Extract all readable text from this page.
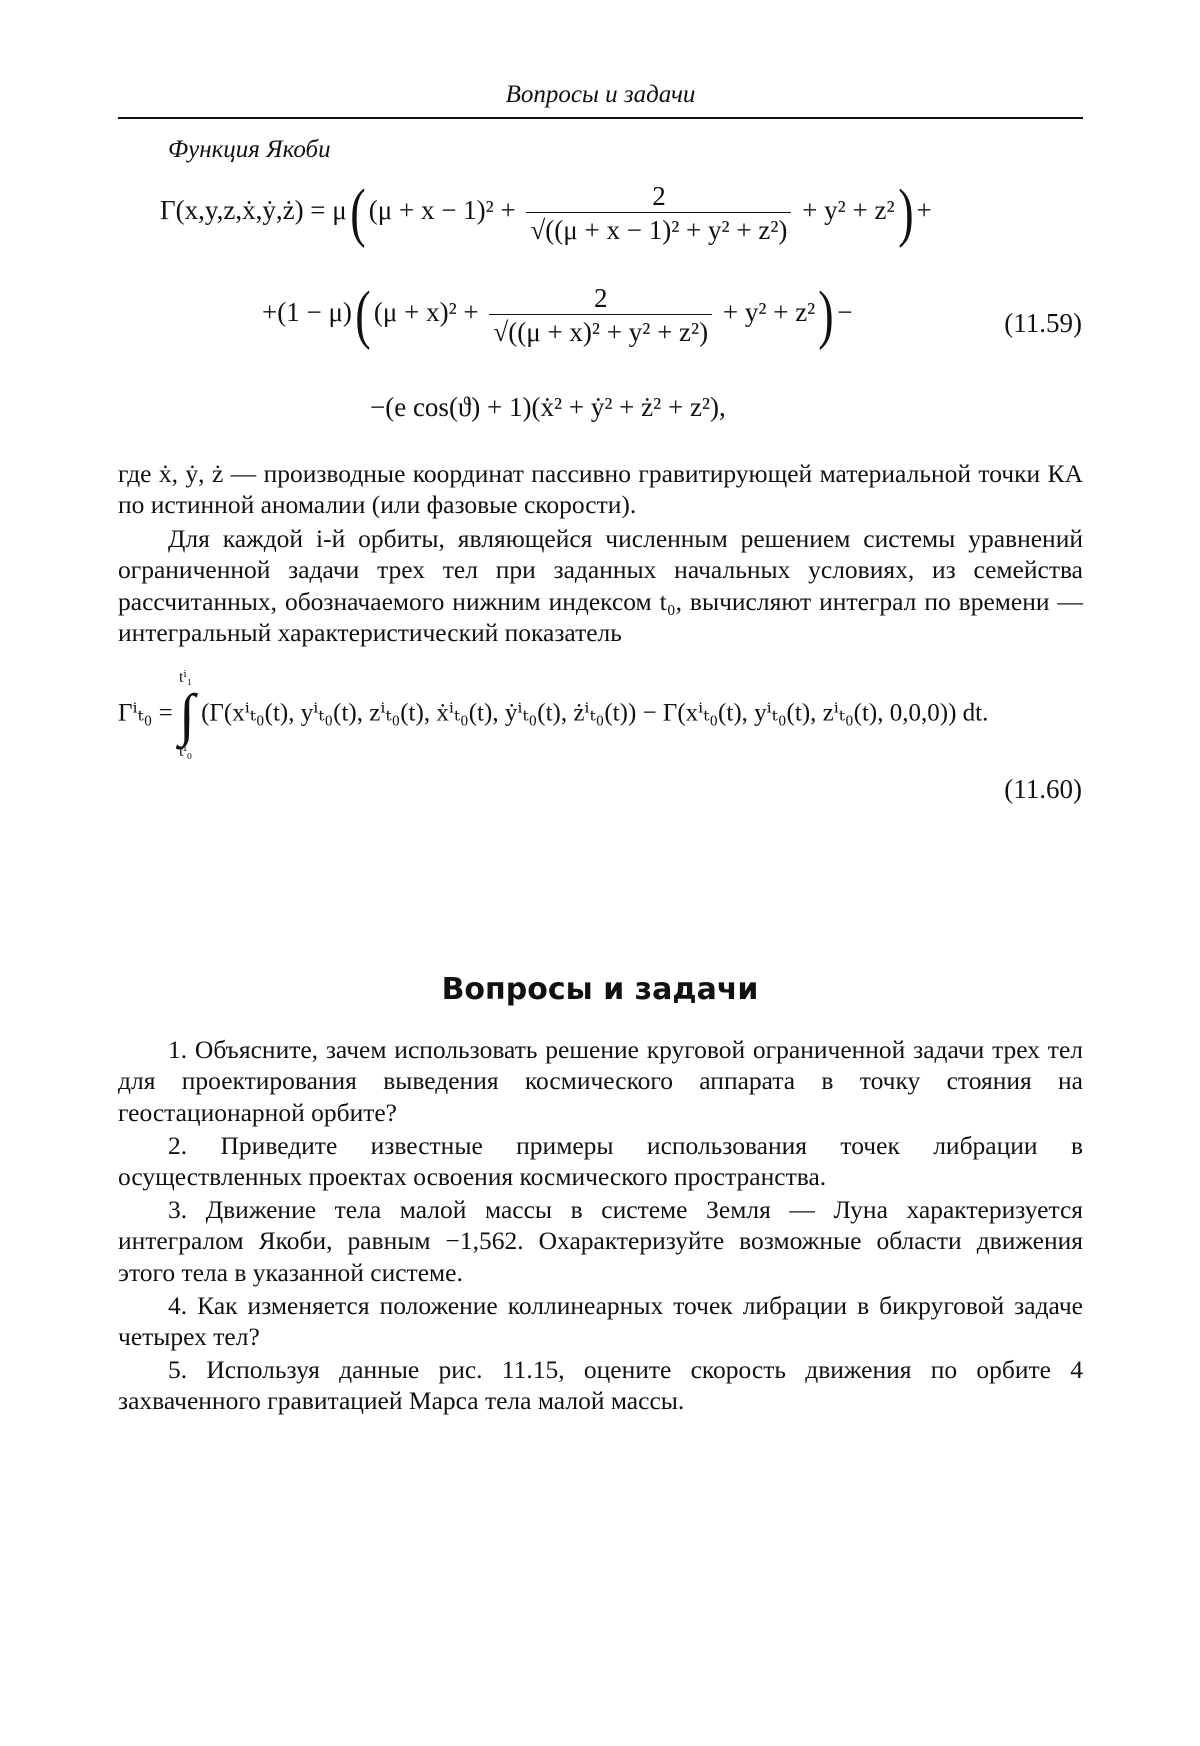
Вопросы и задачи
Функция Якоби
Γ(x,y,z,ẋ,ẏ,ż) = μ( $(\mu + x - 1)^2 + \frac{2}{\text{√((μ + x − 1)² + y² + z²)}} + y^2 + z^2$) +
+(1 − μ)( $(\mu + x)^2 + \frac{2}{\text{√((μ + x)² + y² + z²)}} + y^2 + z^2$) −	(11.59)
−(e cos(ϑ) + 1)(ẋ² + ẏ² + ż² + z²),

где ẋ, ẏ, ż — производные координат пассивно гравитирующей материальной точки КА по истинной аномалии (или фазовые скорости).

Для каждой i-й орбиты, являющейся численным решением системы уравнений ограниченной задачи трех тел при заданных начальных условиях, из семейства рассчитанных, обозначаемого нижним индексом t₀, вычисляют интеграл по времени — интегральный характеристический показатель

Γⁱₜ₀ =
tⁱ₁
∫
tⁱ₀
(Γ(xⁱₜ₀(t), yⁱₜ₀(t), zⁱₜ₀(t), ẋⁱₜ₀(t), ẏⁱₜ₀(t), żⁱₜ₀(t)) − Γ(xⁱₜ₀(t), yⁱₜ₀(t), zⁱₜ₀(t), 0,0,0)) dt.
(11.60)
Вопросы и задачи

1. Объясните, зачем использовать решение круговой ограниченной задачи трех тел для проектирования выведения космического аппарата в точку стояния на геостационарной орбите?

2. Приведите известные примеры использования точек либрации в осуществленных проектах освоения космического пространства.

3. Движение тела малой массы в системе Земля — Луна характеризуется интегралом Якоби, равным −1,562. Охарактеризуйте возможные области движения этого тела в указанной системе.

4. Как изменяется положение коллинеарных точек либрации в бикруговой задаче четырех тел?

5. Используя данные рис. 11.15, оцените скорость движения по орбите 4 захваченного гравитацией Марса тела малой массы.
